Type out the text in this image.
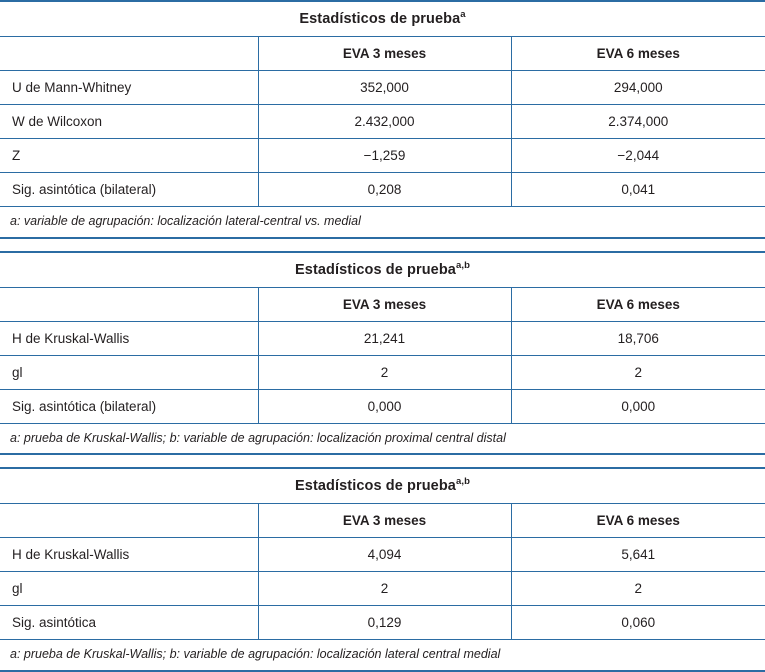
Estadísticos de prueba$^a$
	EVA 3 meses	EVA 6 meses
U de Mann-Whitney	352,000	294,000
W de Wilcoxon	2.432,000	2.374,000
Z	−1,259	−2,044
Sig. asintótica (bilateral)	0,208	0,041
a: variable de agrupación: localización lateral-central vs. medial		
Estadísticos de prueba$^{a,b}$
	EVA 3 meses	EVA 6 meses
H de Kruskal-Wallis	21,241	18,706
gl	2	2
Sig. asintótica (bilateral)	0,000	0,000
a: prueba de Kruskal-Wallis; b: variable de agrupación: localización proximal central distal		
Estadísticos de prueba$^{a,b}$
	EVA 3 meses	EVA 6 meses
H de Kruskal-Wallis	4,094	5,641
gl	2	2
Sig. asintótica	0,129	0,060
a: prueba de Kruskal-Wallis; b: variable de agrupación: localización lateral central medial		
